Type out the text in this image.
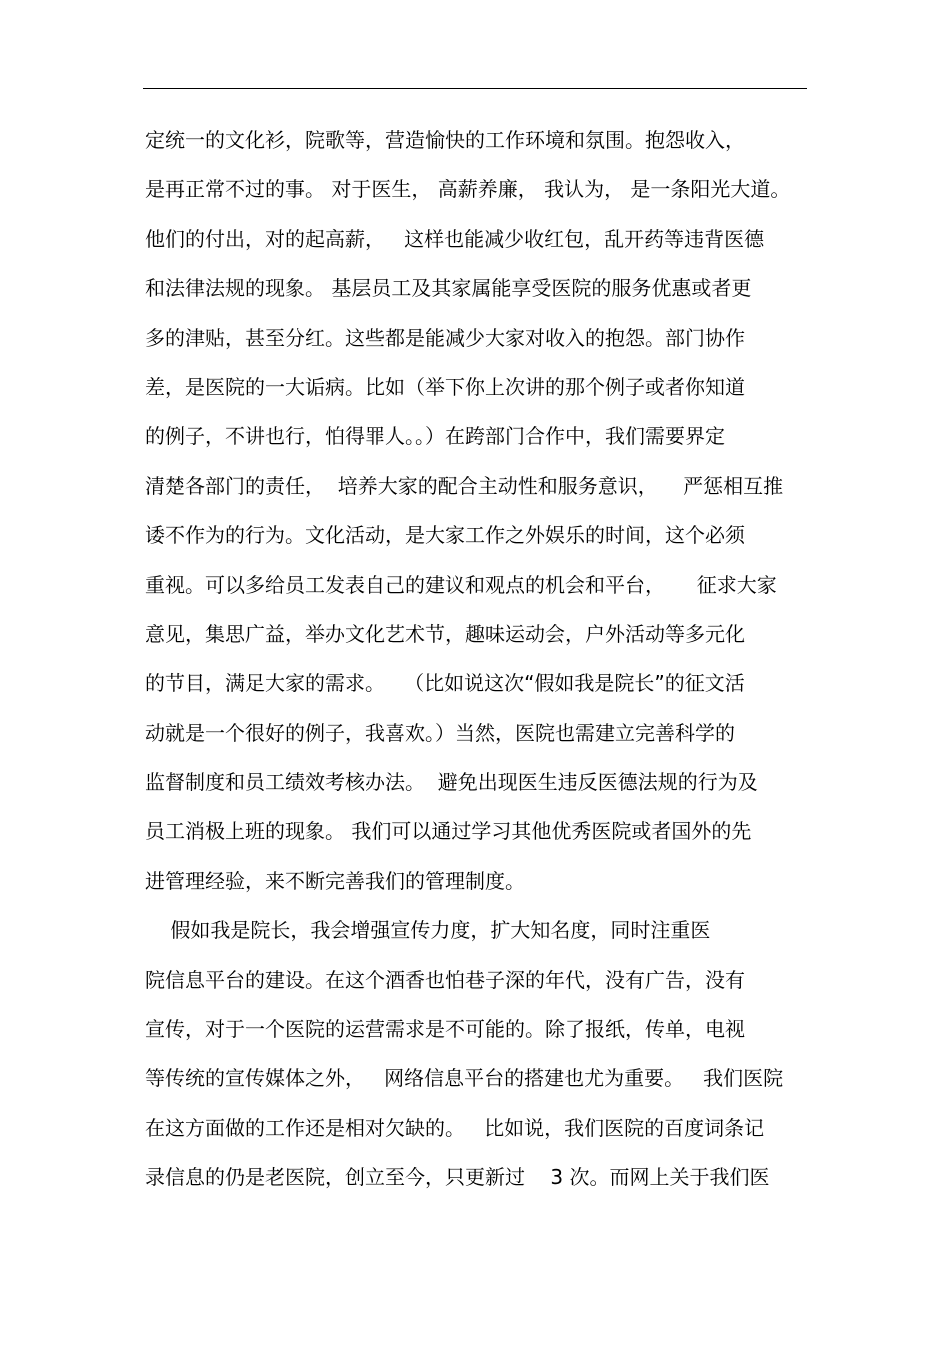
定统一的文化衫，院歌等，营造愉快的工作环境和氛围。抱怨收入，
是再正常不过的事。 对于医生， 高薪养廉， 我认为， 是一条阳光大道。
他们的付出，对的起高薪，   这样也能减少收红包，乱开药等违背医德
和法律法规的现象。 基层员工及其家属能享受医院的服务优惠或者更
多的津贴，甚至分红。这些都是能减少大家对收入的抱怨。部门协作
差，是医院的一大诟病。比如（举下你上次讲的那个例子或者你知道
的例子，不讲也行，怕得罪人。。）在跨部门合作中，我们需要界定
清楚各部门的责任，  培养大家的配合主动性和服务意识，    严惩相互推
诿不作为的行为。文化活动，是大家工作之外娱乐的时间，这个必须
重视。可以多给员工发表自己的建议和观点的机会和平台，     征求大家
意见，集思广益，举办文化艺术节，趣味运动会，户外活动等多元化
的节目，满足大家的需求。   （比如说这次“假如我是院长”的征文活
动就是一个很好的例子，我喜欢。）当然，医院也需建立完善科学的
监督制度和员工绩效考核办法。  避免出现医生违反医德法规的行为及
员工消极上班的现象。 我们可以通过学习其他优秀医院或者国外的先
进管理经验，来不断完善我们的管理制度。
假如我是院长，我会增强宣传力度，扩大知名度，同时注重医
院信息平台的建设。在这个酒香也怕巷子深的年代，没有广告，没有
宣传，对于一个医院的运营需求是不可能的。除了报纸，传单，电视
等传统的宣传媒体之外，   网络信息平台的搭建也尤为重要。   我们医院
在这方面做的工作还是相对欠缺的。   比如说，我们医院的百度词条记
录信息的仍是老医院，创立至今，只更新过    3 次。而网上关于我们医
